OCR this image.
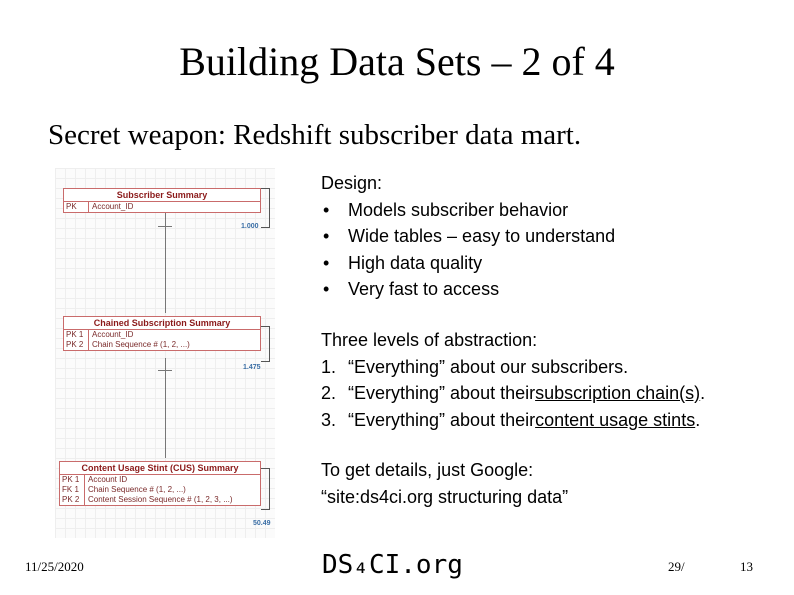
Building Data Sets – 2 of 4
Secret weapon: Redshift subscriber data mart.
Subscriber Summary
PK	Account_ID
1.000
Chained Subscription Summary
PK 1	Account_ID
PK 2	Chain Sequence # (1, 2, ...)
1.475
Content Usage Stint (CUS) Summary
PK 1	Account ID
FK 1	Chain Sequence # (1, 2, ...)
PK 2	Content Session Sequence # (1, 2, 3, ...)
50.49
Design:
• Models subscriber behavior
• Wide tables – easy to understand
• High data quality
• Very fast to access
Three levels of abstraction:
1. “Everything” about our subscribers.
2. “Everything” about their subscription chain(s) .
3. “Everything” about their content usage stints .
To get details, just Google:
“site:ds4ci.org structuring data”
11/25/2020	DS₄CI.org	29/	13
